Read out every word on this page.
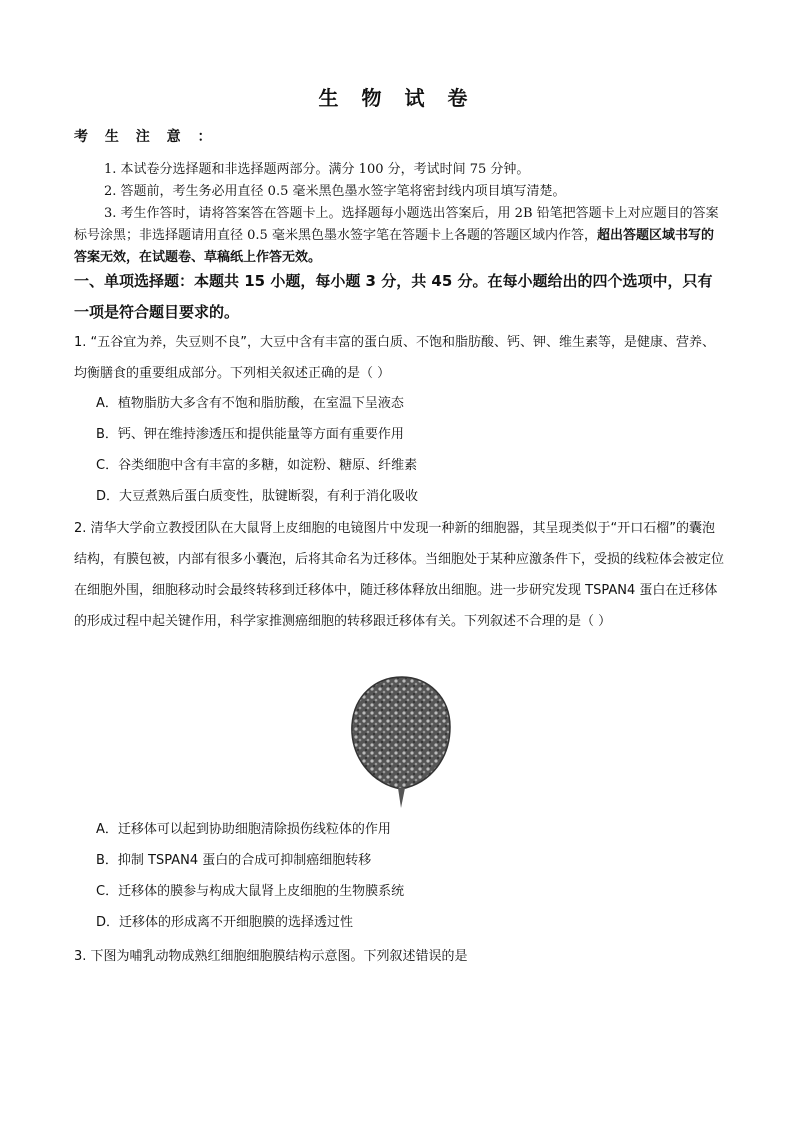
生 物 试 卷
考 生 注 意 ：
1. 本试卷分选择题和非选择题两部分。满分 100 分，考试时间 75 分钟。
2. 答题前，考生务必用直径 0.5 毫米黑色墨水签字笔将密封线内项目填写清楚。
3. 考生作答时，请将答案答在答题卡上。选择题每小题选出答案后，用 2B 铅笔把答题卡上对应题目的答案标号涂黑；非选择题请用直径 0.5 毫米黑色墨水签字笔在答题卡上各题的答题区域内作答，超出答题区域书写的答案无效，在试题卷、草稿纸上作答无效。
一、单项选择题：本题共 15 小题，每小题 3 分，共 45 分。在每小题给出的四个选项中，只有一项是符合题目要求的。
1. “五谷宜为养，失豆则不良”，大豆中含有丰富的蛋白质、不饱和脂肪酸、钙、钾、维生素等，是健康、营养、均衡膳食的重要组成部分。下列相关叙述正确的是（ ）
A．植物脂肪大多含有不饱和脂肪酸，在室温下呈液态
B．钙、钾在维持渗透压和提供能量等方面有重要作用
C．谷类细胞中含有丰富的多糖，如淀粉、糖原、纤维素
D．大豆煮熟后蛋白质变性，肽键断裂，有利于消化吸收
2. 清华大学俞立教授团队在大鼠肾上皮细胞的电镜图片中发现一种新的细胞器，其呈现类似于“开口石榴”的囊泡结构，有膜包被，内部有很多小囊泡，后将其命名为迁移体。当细胞处于某种应激条件下，受损的线粒体会被定位在细胞外围，细胞移动时会最终转移到迁移体中，随迁移体释放出细胞。进一步研究发现 TSPAN4 蛋白在迁移体的形成过程中起关键作用，科学家推测癌细胞的转移跟迁移体有关。下列叙述不合理的是（ ）
A．迁移体可以起到协助细胞清除损伤线粒体的作用
B．抑制 TSPAN4 蛋白的合成可抑制癌细胞转移
C．迁移体的膜参与构成大鼠肾上皮细胞的生物膜系统
D．迁移体的形成离不开细胞膜的选择透过性
3. 下图为哺乳动物成熟红细胞细胞膜结构示意图。下列叙述错误的是
